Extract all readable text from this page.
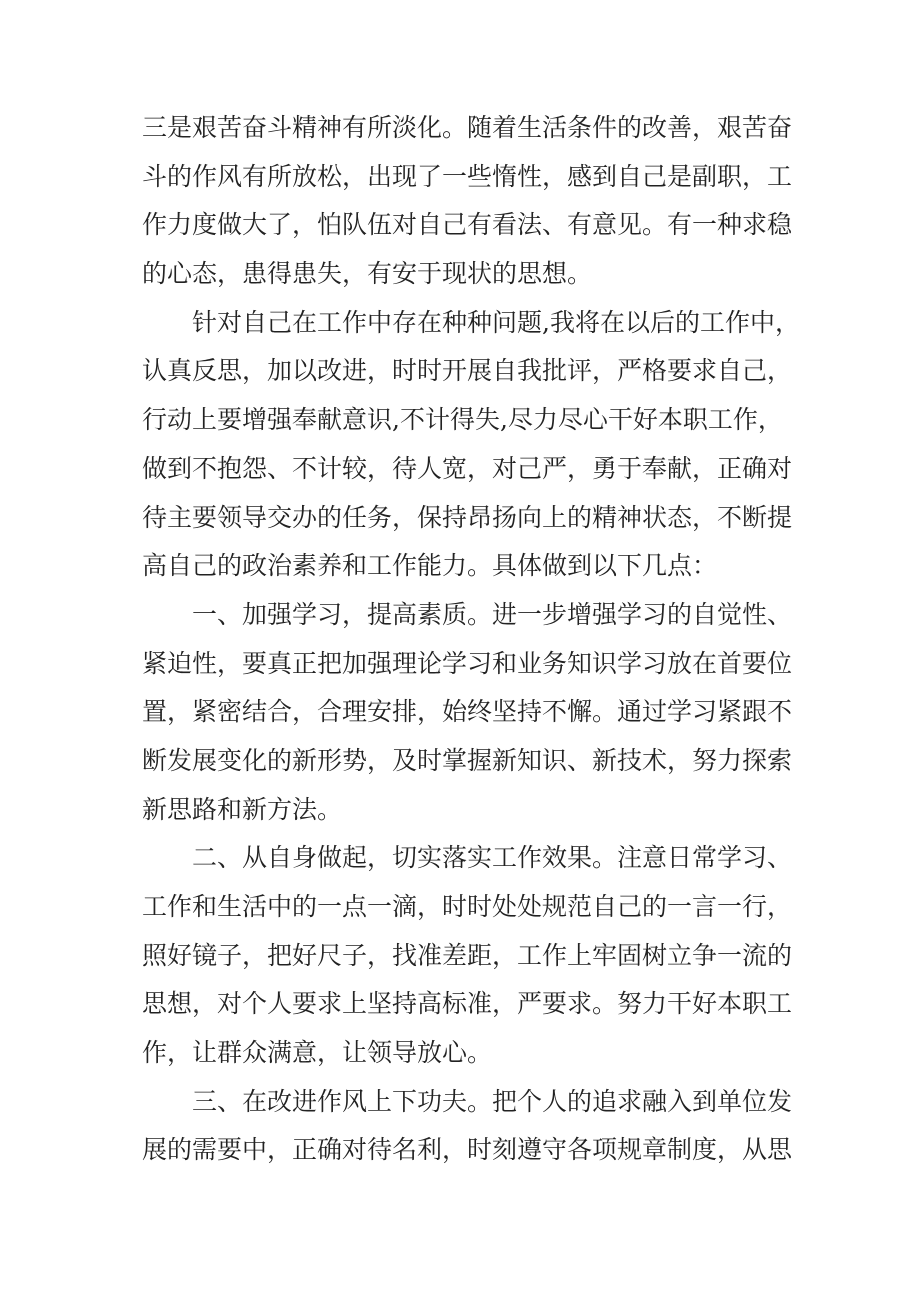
三是艰苦奋斗精神有所淡化。随着生活条件的改善，艰苦奋
斗的作风有所放松，出现了一些惰性，感到自己是副职，工
作力度做大了，怕队伍对自己有看法、有意见。有一种求稳
的心态，患得患失，有安于现状的思想。
针对自己在工作中存在种种问题,我将在以后的工作中，
认真反思，加以改进，时时开展自我批评，严格要求自己，
行动上要增强奉献意识,不计得失,尽力尽心干好本职工作，
做到不抱怨、不计较，待人宽，对己严，勇于奉献，正确对
待主要领导交办的任务，保持昂扬向上的精神状态，不断提
高自己的政治素养和工作能力。具体做到以下几点：
一、加强学习，提高素质。进一步增强学习的自觉性、
紧迫性，要真正把加强理论学习和业务知识学习放在首要位
置，紧密结合，合理安排，始终坚持不懈。通过学习紧跟不
断发展变化的新形势，及时掌握新知识、新技术，努力探索
新思路和新方法。
二、从自身做起，切实落实工作效果。注意日常学习、
工作和生活中的一点一滴，时时处处规范自己的一言一行，
照好镜子，把好尺子，找准差距，工作上牢固树立争一流的
思想，对个人要求上坚持高标准，严要求。努力干好本职工
作，让群众满意，让领导放心。
三、在改进作风上下功夫。把个人的追求融入到单位发
展的需要中，正确对待名利，时刻遵守各项规章制度，从思
